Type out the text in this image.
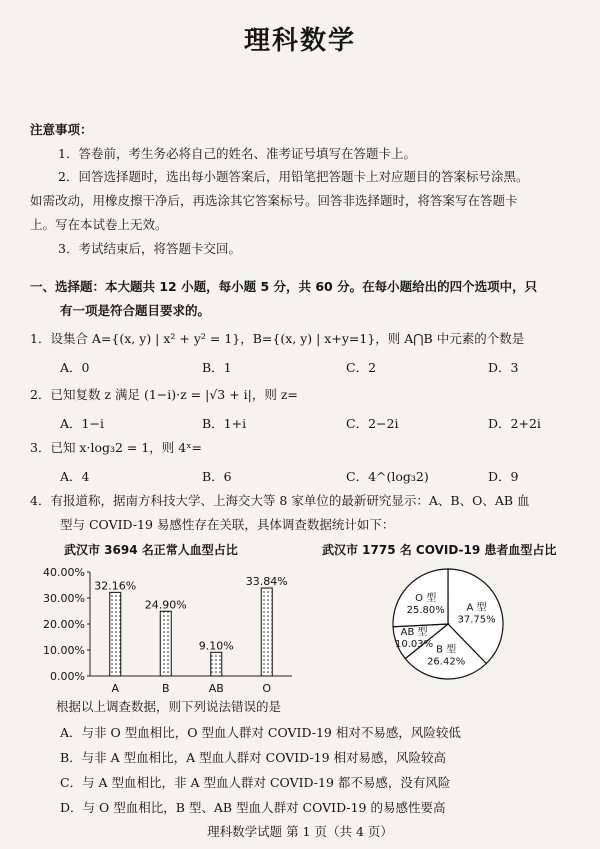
理科数学
注意事项：
1．答卷前，考生务必将自己的姓名、准考证号填写在答题卡上。
2．回答选择题时，选出每小题答案后，用铅笔把答题卡上对应题目的答案标号涂黑。
如需改动，用橡皮擦干净后，再选涂其它答案标号。回答非选择题时，将答案写在答题卡
上。写在本试卷上无效。
3．考试结束后，将答题卡交回。
一、选择题：本大题共 12 小题，每小题 5 分，共 60 分。在每小题给出的四个选项中，只
有一项是符合题目要求的。
1．设集合 A={(x, y) | x² + y² = 1}，B={(x, y) | x+y=1}，则 A⋂B 中元素的个数是
A．0	B．1	C．2	D．3
2．已知复数 z 满足 (1−i)·z = |√3 + i|，则 z=
A．1−i	B．1+i	C．2−2i	D．2+2i
3．已知 x·log₃2 = 1，则 4ˣ=
A．4	B．6	C．4^(log₃2)	D．9
4．有报道称，据南方科技大学、上海交大等 8 家单位的最新研究显示：A、B、O、AB 血
型与 COVID-19 易感性存在关联，具体调查数据统计如下：
武汉市 3694 名正常人血型占比	武汉市 1775 名 COVID-19 患者血型占比
0.00%
10.00%
20.00%
30.00%
40.00%
A
32.16%
B
24.90%
AB
9.10%
O
33.84%
A 型
37.75%
B 型
26.42%
AB 型
10.03%
O 型
25.80%
根据以上调查数据，则下列说法错误的是
A．与非 O 型血相比，O 型血人群对 COVID-19 相对不易感，风险较低
B．与非 A 型血相比，A 型血人群对 COVID-19 相对易感，风险较高
C．与 A 型血相比，非 A 型血人群对 COVID-19 都不易感，没有风险
D．与 O 型血相比，B 型、AB 型血人群对 COVID-19 的易感性要高
理科数学试题 第 1 页（共 4 页）
